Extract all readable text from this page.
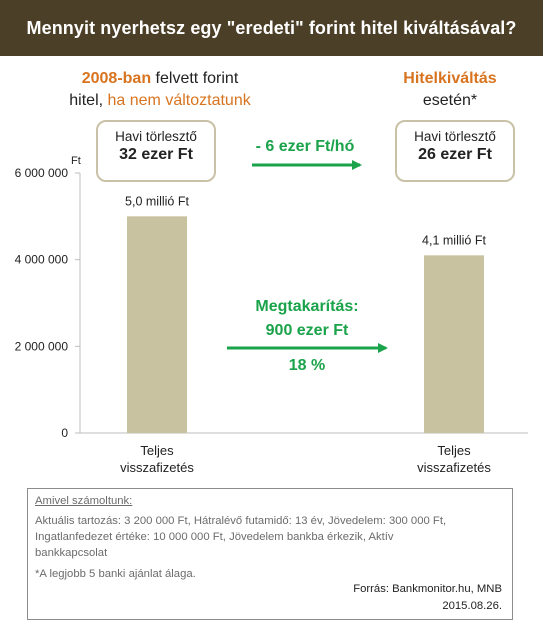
Mennyit nyerhetsz egy "eredeti" forint hitel kiváltásával?
2008-ban felvett forint
hitel, ha nem változtatunk
Hitelkiváltás
esetén*
Havi törlesztő
32 ezer Ft
Havi törlesztő
26 ezer Ft
- 6 ezer Ft/hó
Megtakarítás:
900 ezer Ft
18 %
0
2 000 000
4 000 000
6 000 000
Ft
5,0 millió Ft
4,1 millió Ft
Teljes
visszafizetés
Teljes
visszafizetés
Amivel számoltunk:
Aktuális tartozás: 3 200 000 Ft, Hátralévő futamidő: 13 év, Jövedelem: 300 000 Ft,
Ingatlanfedezet értéke: 10 000 000 Ft, Jövedelem bankba érkezik, Aktív
bankkapcsolat
*A legjobb 5 banki ajánlat álaga.
Forrás: Bankmonitor.hu, MNB
2015.08.26.
